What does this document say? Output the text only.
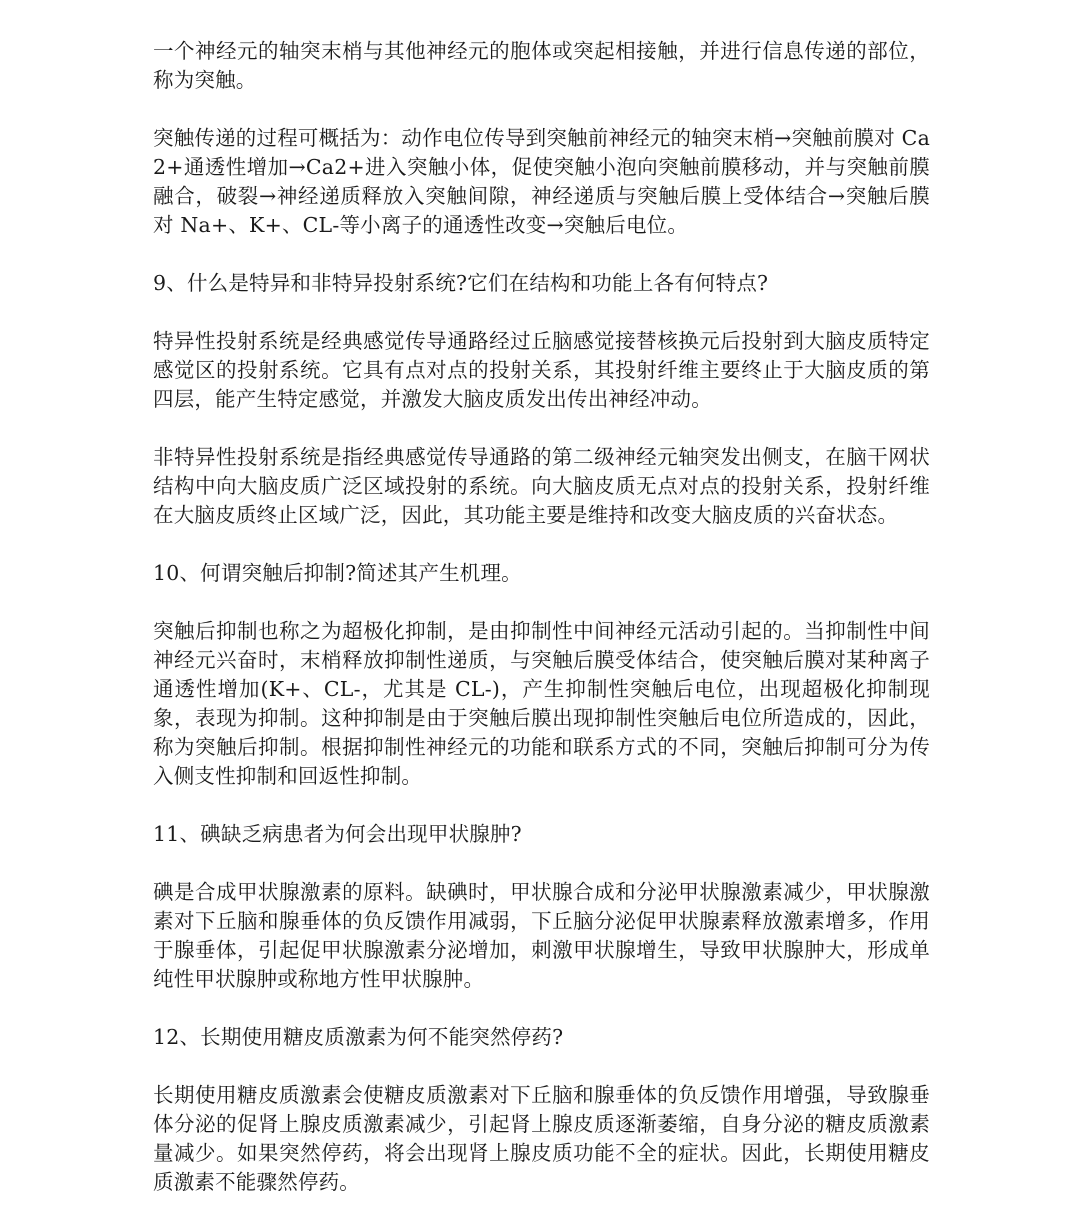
一个神经元的轴突末梢与其他神经元的胞体或突起相接触，并进行信息传递的部位，称为突触。

突触传递的过程可概括为：动作电位传导到突触前神经元的轴突末梢→突触前膜对 Ca2+通透性增加→Ca2+进入突触小体，促使突触小泡向突触前膜移动，并与突触前膜融合，破裂→神经递质释放入突触间隙，神经递质与突触后膜上受体结合→突触后膜对 Na+、K+、CL-等小离子的通透性改变→突触后电位。

9、什么是特异和非特异投射系统?它们在结构和功能上各有何特点?

特异性投射系统是经典感觉传导通路经过丘脑感觉接替核换元后投射到大脑皮质特定感觉区的投射系统。它具有点对点的投射关系，其投射纤维主要终止于大脑皮质的第四层，能产生特定感觉，并激发大脑皮质发出传出神经冲动。

非特异性投射系统是指经典感觉传导通路的第二级神经元轴突发出侧支，在脑干网状结构中向大脑皮质广泛区域投射的系统。向大脑皮质无点对点的投射关系，投射纤维在大脑皮质终止区域广泛，因此，其功能主要是维持和改变大脑皮质的兴奋状态。

10、何谓突触后抑制?简述其产生机理。

突触后抑制也称之为超极化抑制，是由抑制性中间神经元活动引起的。当抑制性中间神经元兴奋时，末梢释放抑制性递质，与突触后膜受体结合，使突触后膜对某种离子通透性增加(K+、CL-，尤其是 CL-)，产生抑制性突触后电位，出现超极化抑制现象，表现为抑制。这种抑制是由于突触后膜出现抑制性突触后电位所造成的，因此，称为突触后抑制。根据抑制性神经元的功能和联系方式的不同，突触后抑制可分为传入侧支性抑制和回返性抑制。

11、碘缺乏病患者为何会出现甲状腺肿?

碘是合成甲状腺激素的原料。缺碘时，甲状腺合成和分泌甲状腺激素减少，甲状腺激素对下丘脑和腺垂体的负反馈作用减弱，下丘脑分泌促甲状腺素释放激素增多，作用于腺垂体，引起促甲状腺激素分泌增加，刺激甲状腺增生，导致甲状腺肿大，形成单纯性甲状腺肿或称地方性甲状腺肿。

12、长期使用糖皮质激素为何不能突然停药?

长期使用糖皮质激素会使糖皮质激素对下丘脑和腺垂体的负反馈作用增强，导致腺垂体分泌的促肾上腺皮质激素减少，引起肾上腺皮质逐渐萎缩，自身分泌的糖皮质激素量减少。如果突然停药，将会出现肾上腺皮质功能不全的症状。因此，长期使用糖皮质激素不能骤然停药。
